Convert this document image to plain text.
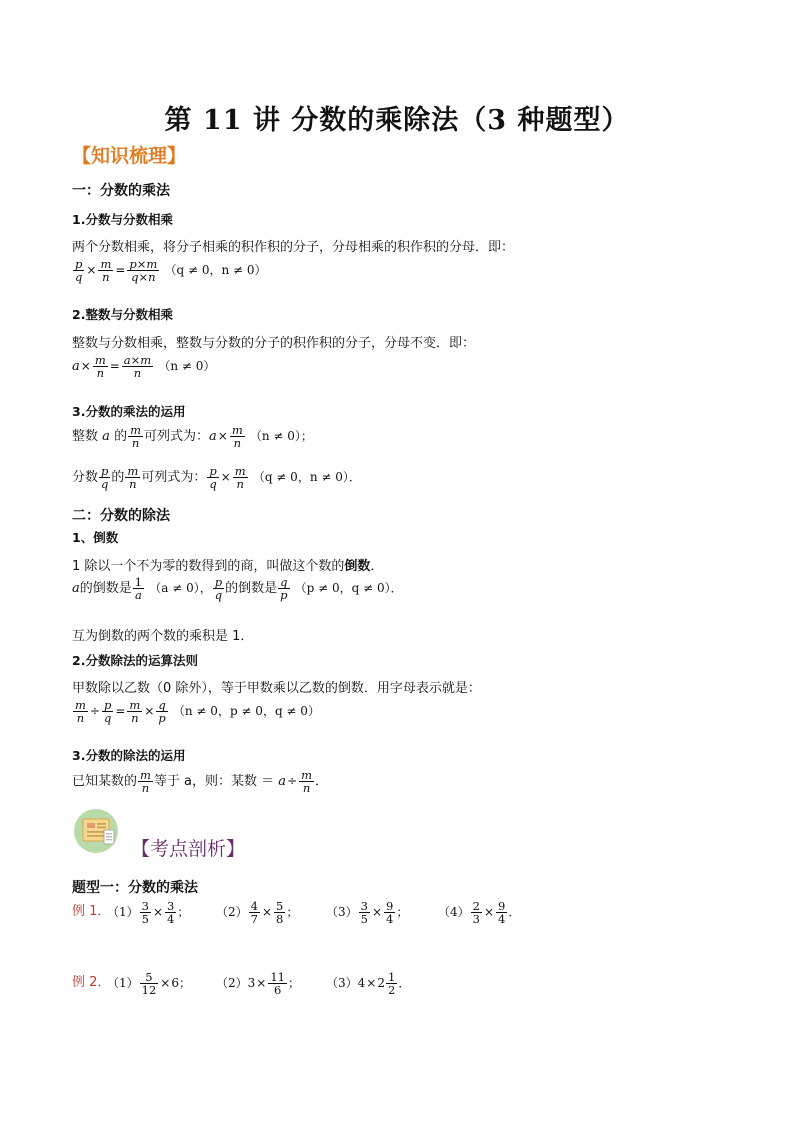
第 11 讲 分数的乘除法（3 种题型）
【知识梳理】
一：分数的乘法
1.分数与分数相乘
两个分数相乘，将分子相乘的积作积的分子，分母相乘的积作积的分母．即：
$\frac{p}{q} \times \frac{m}{n} = \frac{p\times m}{q\times n} (q \ne 0$，n ≠ 0）
2.整数与分数相乘
整数与分数相乘，整数与分数的分子的积作积的分子，分母不变．即：
$a\times \frac{m}{n} = \frac{a\times m}{n} (n \ne 0)$
3.分数的乘法的运用
整数 a 的 $\frac{m}{n}$ 可列式为：$a\times \frac{m}{n} (n \ne 0)$；
分数 $\frac{p}{q}$ 的 $\frac{m}{n}$ 可列式为： $\frac{p}{q} \times \frac{m}{n} (q \ne 0$，n ≠ 0）．
二：分数的除法
1、倒数
1 除以一个不为零的数得到的商，叫做这个数的倒数．
a的倒数是 $\frac{1}{a} (a \ne 0)$， $\frac{p}{q}$ 的倒数是 $\frac{q}{p} (p \ne 0$，q ≠ 0）．
互为倒数的两个数的乘积是 1．
2.分数除法的运算法则
甲数除以乙数（0 除外），等于甲数乘以乙数的倒数．用字母表示就是：
$\frac{m}{n} \div \frac{p}{q} = \frac{m}{n} \times \frac{q}{p} (n \ne 0$，p ≠ 0，q ≠ 0）
3.分数的除法的运用
已知某数的 $\frac{m}{n}$ 等于 a，则：某数 ＝ $a\div \frac{m}{n}$ ．
【考点剖析】
题型一：分数的乘法
例 1．
$(1) \frac{3}{5} \times \frac{3}{4}$ ； $(2) \frac{4}{7} \times \frac{5}{8}$ ； $(3) \frac{3}{5} \times \frac{9}{4}$ ； $(4) \frac{2}{3} \times \frac{9}{4}$ ．
例 2．
$(1) \frac{5}{12} \times 6$； $(2)3\times \frac{11}{6}$ ； $(3)4\times 2 \frac{1}{2}$ ．
